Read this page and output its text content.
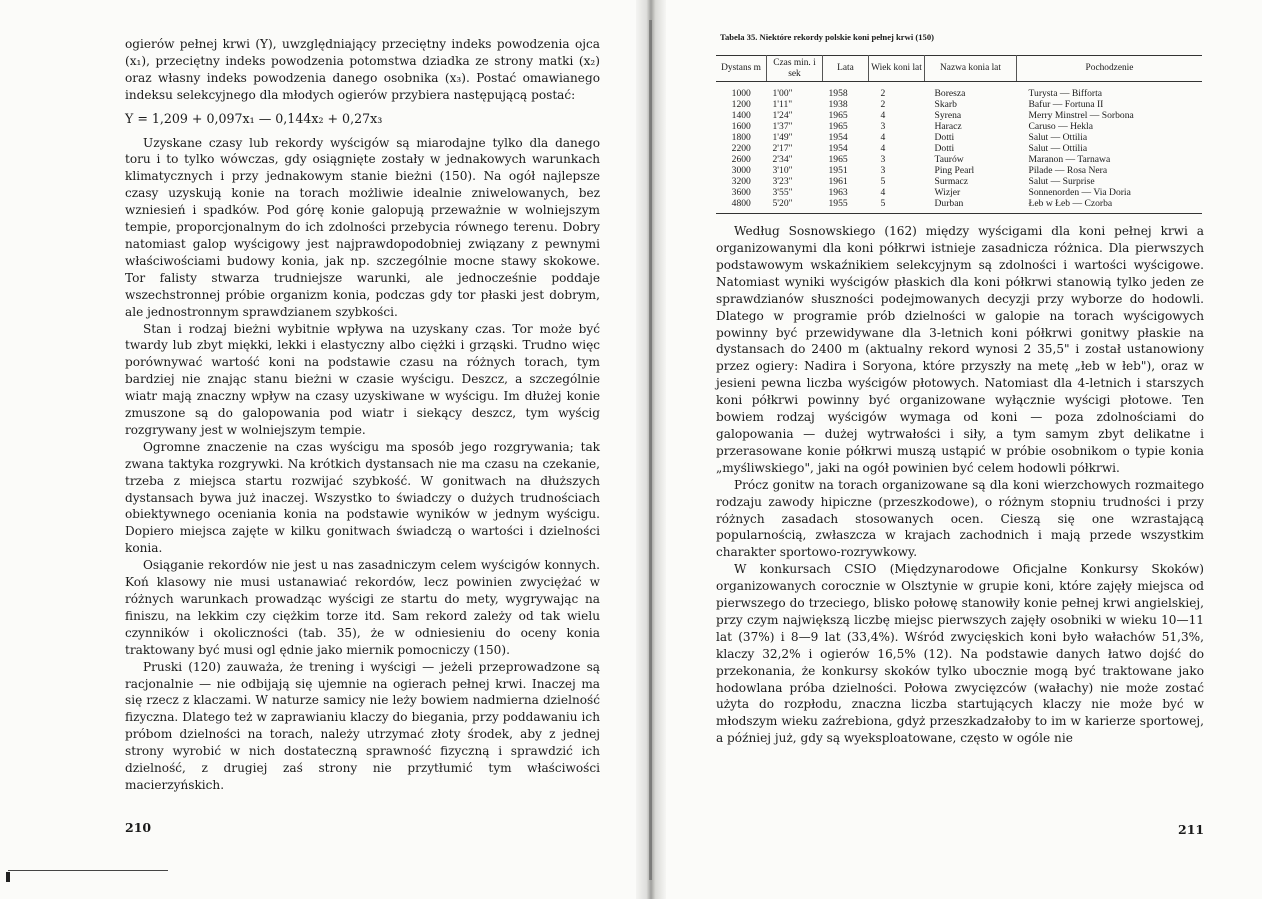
ogierów pełnej krwi (Y), uwzględniający przeciętny indeks powodzenia ojca (x₁), przeciętny indeks powodzenia potomstwa dziadka ze strony matki (x₂) oraz własny indeks powodzenia danego osobnika (x₃). Postać omawianego indeksu selekcyjnego dla młodych ogierów przybiera następującą postać:

Y = 1,209 + 0,097x₁ — 0,144x₂ + 0,27x₃

Uzyskane czasy lub rekordy wyścigów są miarodajne tylko dla danego toru i to tylko wówczas, gdy osiągnięte zostały w jednakowych warunkach klimatycznych i przy jednakowym stanie bieżni (150). Na ogół najlepsze czasy uzyskują konie na torach możliwie idealnie zniwelowanych, bez wzniesień i spadków. Pod górę konie galopują przeważnie w wolniejszym tempie, proporcjonalnym do ich zdolności przebycia równego terenu. Dobry natomiast galop wyścigowy jest najprawdopodobniej związany z pewnymi właściwościami budowy konia, jak np. szczególnie mocne stawy skokowe. Tor falisty stwarza trudniejsze warunki, ale jednocześnie poddaje wszechstronnej próbie organizm konia, podczas gdy tor płaski jest dobrym, ale jednostronnym sprawdzianem szybkości.

Stan i rodzaj bieżni wybitnie wpływa na uzyskany czas. Tor może być twardy lub zbyt miękki, lekki i elastyczny albo ciężki i grząski. Trudno więc porównywać wartość koni na podstawie czasu na różnych torach, tym bardziej nie znając stanu bieżni w czasie wyścigu. Deszcz, a szczególnie wiatr mają znaczny wpływ na czasy uzyskiwane w wyścigu. Im dłużej konie zmuszone są do galopowania pod wiatr i siekący deszcz, tym wyścig rozgrywany jest w wolniejszym tempie.

Ogromne znaczenie na czas wyścigu ma sposób jego rozgrywania; tak zwana taktyka rozgrywki. Na krótkich dystansach nie ma czasu na czekanie, trzeba z miejsca startu rozwijać szybkość. W gonitwach na dłuższych dystansach bywa już inaczej. Wszystko to świadczy o dużych trudnościach obiektywnego oceniania konia na podstawie wyników w jednym wyścigu. Dopiero miejsca zajęte w kilku gonitwach świadczą o wartości i dzielności konia.

Osiąganie rekordów nie jest u nas zasadniczym celem wyścigów konnych. Koń klasowy nie musi ustanawiać rekordów, lecz powinien zwyciężać w różnych warunkach prowadząc wyścigi ze startu do mety, wygrywając na finiszu, na lekkim czy ciężkim torze itd. Sam rekord zależy od tak wielu czynników i okoliczności (tab. 35), że w odniesieniu do oceny konia traktowany być musi ogl ędnie jako miernik pomocniczy (150).

Pruski (120) zauważa, że trening i wyścigi — jeżeli przeprowadzone są racjonalnie — nie odbijają się ujemnie na ogierach pełnej krwi. Inaczej ma się rzecz z klaczami. W naturze samicy nie leży bowiem nadmierna dzielność fizyczna. Dlatego też w zaprawianiu klaczy do biegania, przy poddawaniu ich próbom dzielności na torach, należy utrzymać złoty środek, aby z jednej strony wyrobić w nich dostateczną sprawność fizyczną i sprawdzić ich dzielność, z drugiej zaś strony nie przytłumić tym właściwości macierzyńskich.

210
Tabela 35. Niektóre rekordy polskie koni pełnej krwi (150)
Dystans m	Czas min. i sek	Lata	Wiek koni lat	Nazwa konia lat	Pochodzenie
1000	1'00"	1958	2	Boresza	Turysta — Bifforta
1200	1'11"	1938	2	Skarb	Bafur — Fortuna II
1400	1'24"	1965	4	Syrena	Merry Minstrel — Sorbona
1600	1'37"	1965	3	Haracz	Caruso — Hekla
1800	1'49"	1954	4	Dotti	Salut — Ottilia
2200	2'17"	1954	4	Dotti	Salut — Ottilia
2600	2'34"	1965	3	Taurów	Maranon — Tarnawa
3000	3'10"	1951	3	Ping Pearl	Pilade — Rosa Nera
3200	3'23"	1961	5	Surmacz	Salut — Surprise
3600	3'55"	1963	4	Wizjer	Sonnenorden — Via Doria
4800	5'20"	1955	5	Durban	Łeb w Łeb — Czorba

Według Sosnowskiego (162) między wyścigami dla koni pełnej krwi a organizowanymi dla koni półkrwi istnieje zasadnicza różnica. Dla pierwszych podstawowym wskaźnikiem selekcyjnym są zdolności i wartości wyścigowe. Natomiast wyniki wyścigów płaskich dla koni półkrwi stanowią tylko jeden ze sprawdzianów słuszności podejmowanych decyzji przy wyborze do hodowli. Dlatego w programie prób dzielności w galopie na torach wyścigowych powinny być przewidywane dla 3-letnich koni półkrwi gonitwy płaskie na dystansach do 2400 m (aktualny rekord wynosi 2 35,5" i został ustanowiony przez ogiery: Nadira i Soryona, które przyszły na metę „łeb w łeb"), oraz w jesieni pewna liczba wyścigów płotowych. Natomiast dla 4-letnich i starszych koni półkrwi powinny być organizowane wyłącznie wyścigi płotowe. Ten bowiem rodzaj wyścigów wymaga od koni — poza zdolnościami do galopowania — dużej wytrwałości i siły, a tym samym zbyt delikatne i przerasowane konie półkrwi muszą ustąpić w próbie osobnikom o typie konia „myśliwskiego", jaki na ogół powinien być celem hodowli półkrwi.

Prócz gonitw na torach organizowane są dla koni wierzchowych rozmaitego rodzaju zawody hipiczne (przeszkodowe), o różnym stopniu trudności i przy różnych zasadach stosowanych ocen. Cieszą się one wzrastającą popularnością, zwłaszcza w krajach zachodnich i mają przede wszystkim charakter sportowo-rozrywkowy.

W konkursach CSIO (Międzynarodowe Oficjalne Konkursy Skoków) organizowanych corocznie w Olsztynie w grupie koni, które zajęły miejsca od pierwszego do trzeciego, blisko połowę stanowiły konie pełnej krwi angielskiej, przy czym największą liczbę miejsc pierwszych zajęły osobniki w wieku 10—11 lat (37%) i 8—9 lat (33,4%). Wśród zwycięskich koni było wałachów 51,3%, klaczy 32,2% i ogierów 16,5% (12). Na podstawie danych łatwo dojść do przekonania, że konkursy skoków tylko ubocznie mogą być traktowane jako hodowlana próba dzielności. Połowa zwycięzców (wałachy) nie może zostać użyta do rozpłodu, znaczna liczba startujących klaczy nie może być w młodszym wieku zaźrebiona, gdyż przeszkadzałoby to im w karierze sportowej, a później już, gdy są wyeksploatowane, często w ogóle nie

211
